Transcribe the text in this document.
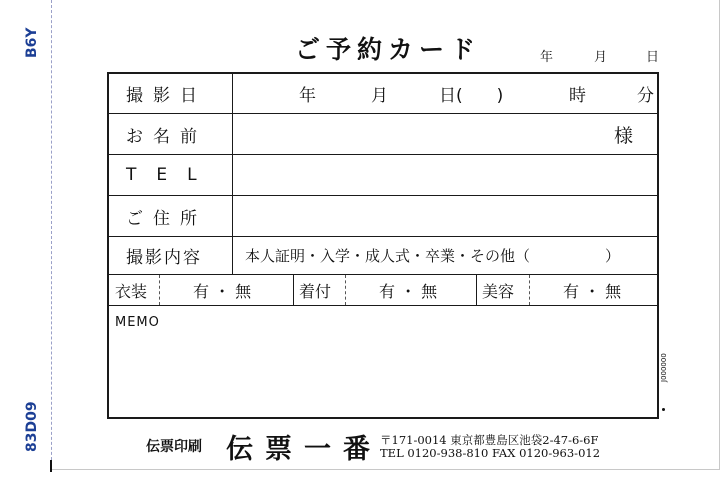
B6Y
83D09
ご予約カード	年	月	日
撮影日	年	月	日(　　)	時	分
お名前	様
TEL
ご住所
撮影内容	本人証明・入学・成人式・卒業・その他（　　　　　）
衣装	有 ・ 無	着付	有 ・ 無	美容	有 ・ 無
MEMO
J000000
伝票印刷 伝票一番
〒171-0014 東京都豊島区池袋2-47-6-6F
TEL 0120-938-810 FAX 0120-963-012
